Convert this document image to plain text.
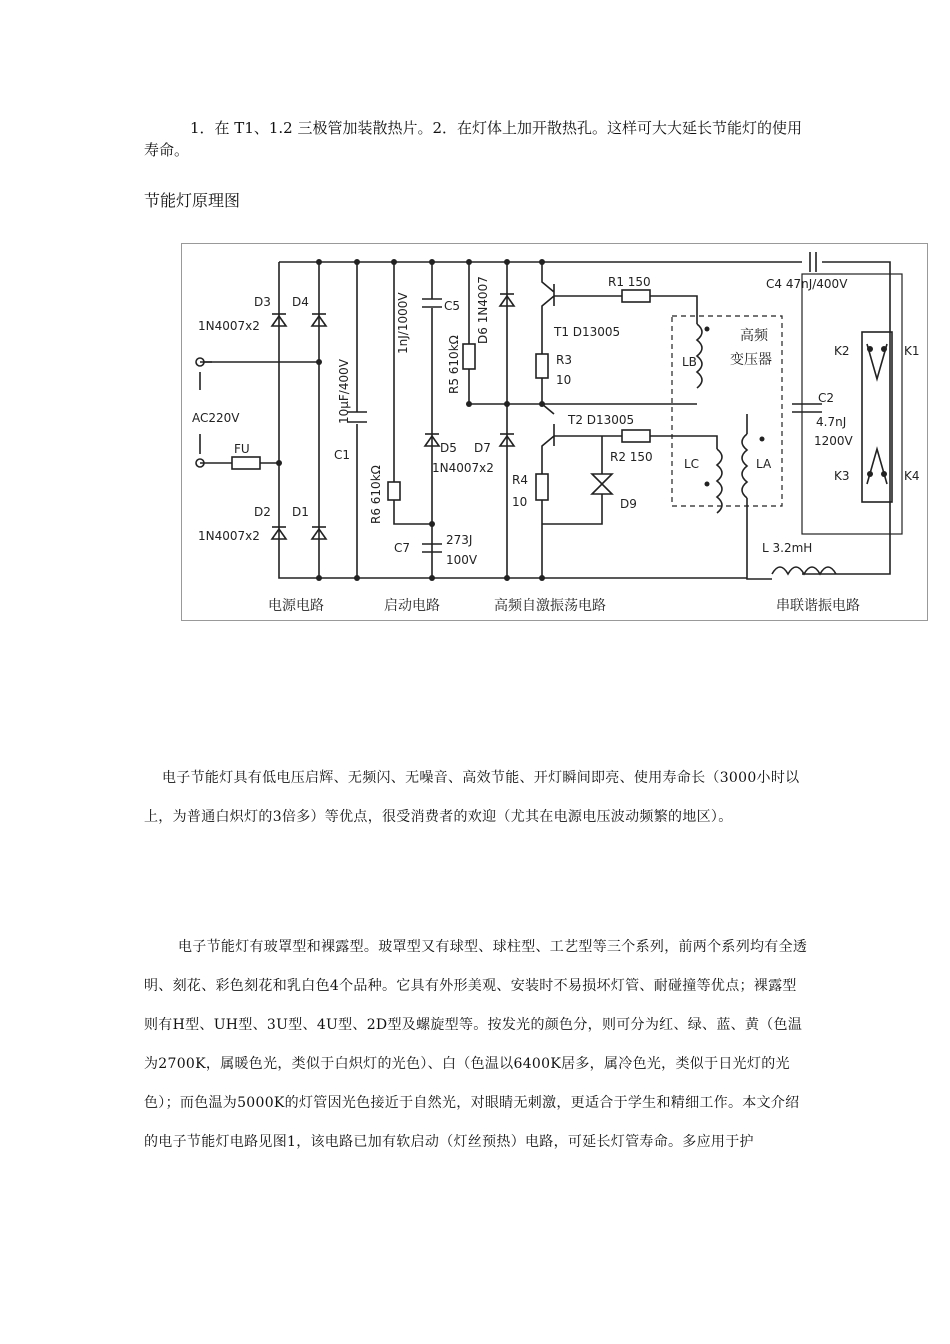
1．在 T1、1.2 三极管加装散热片。2．在灯体上加开散热孔。这样可大大延长节能灯的使用寿命。

节能灯原理图
D3 D4
1N4007x2
AC220V
FU
D2 D1
1N4007x2
C1
10μF/400V
R6 610kΩ
1nJ/1000V	C5
R5 610kΩ
D6 1N4007
D5 D7
1N4007x2
C7
273J
100V
T1 D13005
R1 150
R3
10
T2 D13005
R2 150
R4
10	D9
LB
LC	LA
高频
变压器
C4 47nJ/400V
C2
4.7nJ
1200V
K1
K2
K3	K4
L 3.2mH
电源电路	启动电路	高频自激振荡电路	串联谐振电路

电子节能灯具有低电压启辉、无频闪、无噪音、高效节能、开灯瞬间即亮、使用寿命长（3000小时以上，为普通白炽灯的3倍多）等优点，很受消费者的欢迎（尤其在电源电压波动频繁的地区）。

电子节能灯有玻罩型和裸露型。玻罩型又有球型、球柱型、工艺型等三个系列，前两个系列均有全透明、刻花、彩色刻花和乳白色4个品种。它具有外形美观、安装时不易损坏灯管、耐碰撞等优点；裸露型则有H型、UH型、3U型、4U型、2D型及螺旋型等。按发光的颜色分，则可分为红、绿、蓝、黄（色温为2700K，属暖色光，类似于白炽灯的光色）、白（色温以6400K居多，属冷色光，类似于日光灯的光色）；而色温为5000K的灯管因光色接近于自然光，对眼睛无刺激，更适合于学生和精细工作。本文介绍的电子节能灯电路见图1，该电路已加有软启动（灯丝预热）电路，可延长灯管寿命。多应用于护
